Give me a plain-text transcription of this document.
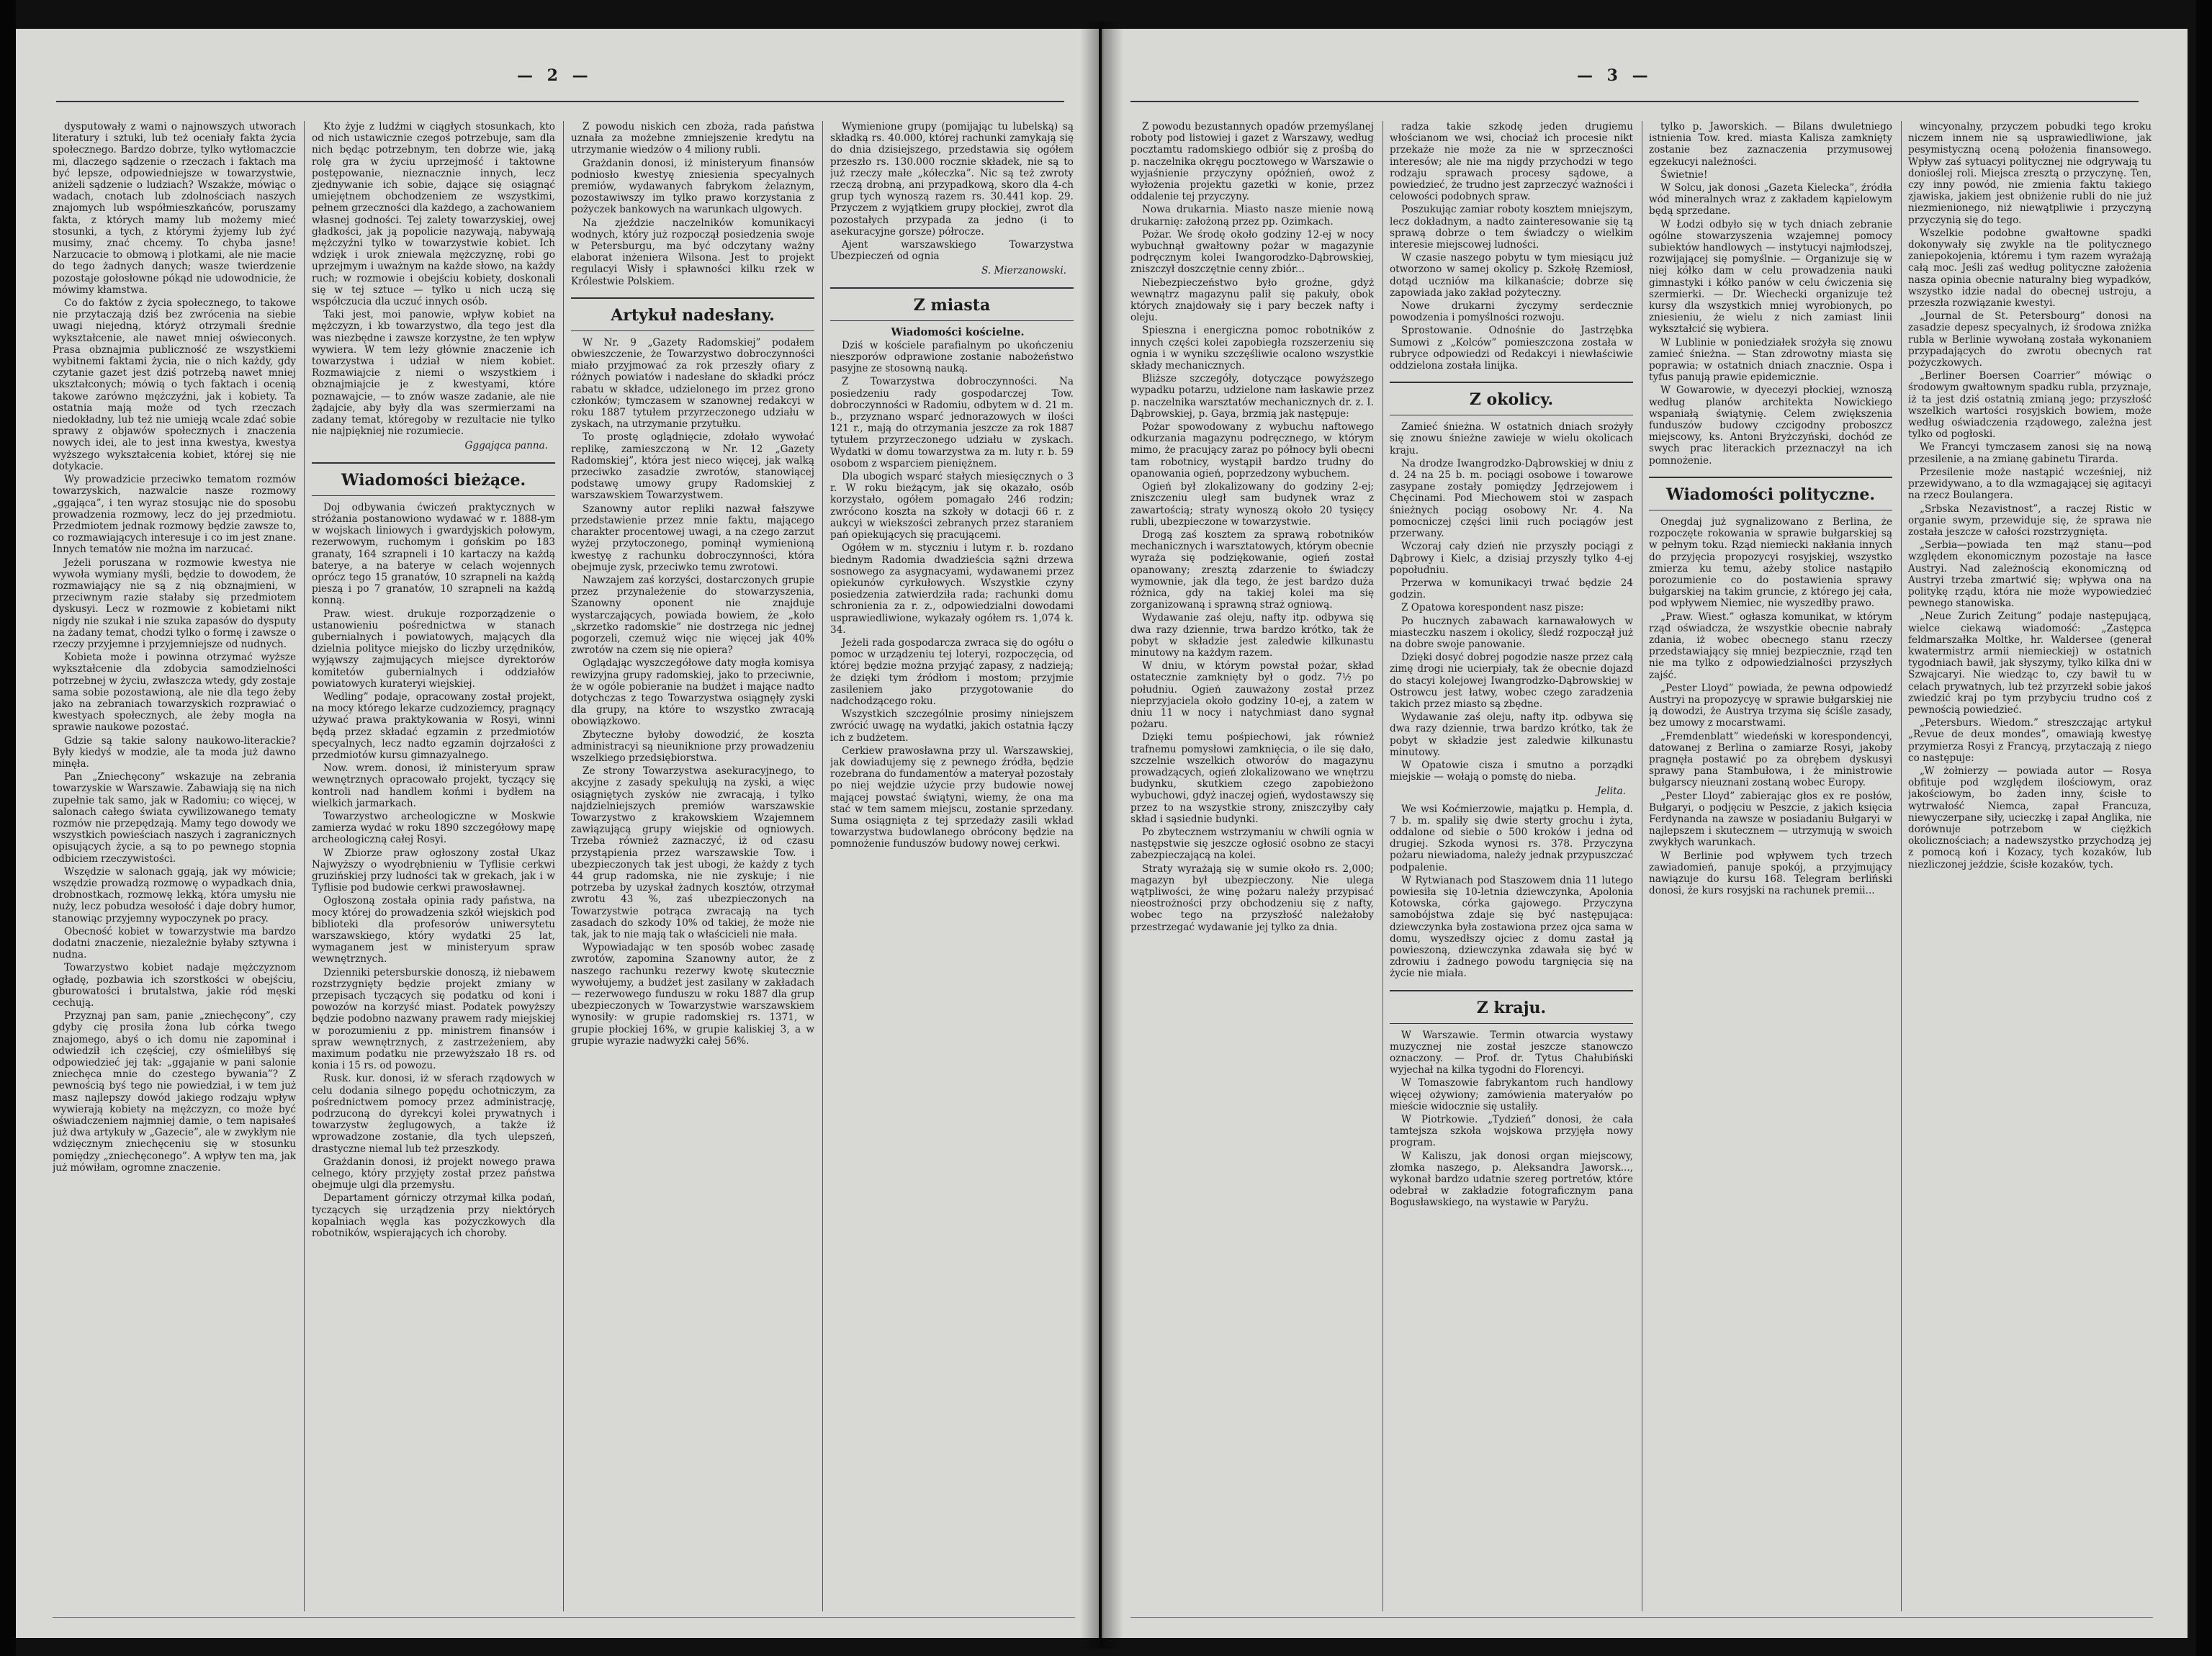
— 2 —

dysputowały z wami o najnowszych utworach literatury i sztuki, lub też oceniały fakta życia społecznego. Bardzo dobrze, tylko wytłomaczcie mi, dlaczego sądzenie o rzeczach i faktach ma być lepsze, odpowiedniejsze w towarzystwie, aniżeli sądzenie o ludziach? Wszakże, mówiąc o wadach, cnotach lub zdolnościach naszych znajomych lub współmieszkańców, poruszamy fakta, z których mamy lub możemy mieć stosunki, a tych, z którymi żyjemy lub żyć musimy, znać chcemy. To chyba jasne! Narzucacie to obmową i plotkami, ale nie macie do tego żadnych danych; wasze twierdzenie pozostaje gołosłowne pókąd nie udowodnicie, że mówimy kłamstwa.

Co do faktów z życia społecznego, to takowe nie przytaczają dziś bez zwrócenia na siebie uwagi niejedną, któryż otrzymali średnie wykształcenie, ale nawet mniej oświeconych. Prasa obznajmia publiczność ze wszystkiemi wybitnemi faktami życia, nie o nich każdy, gdy czytanie gazet jest dziś potrzebą nawet mniej ukształconych; mówią o tych faktach i ocenią takowe zarówno mężczyźni, jak i kobiety. Ta ostatnia mają może od tych rzeczach niedokładny, lub też nie umieją wcale zdać sobie sprawy z objawów społecznych i znaczenia nowych idei, ale to jest inna kwestya, kwestya wyższego wykształcenia kobiet, której się nie dotykacie.

Wy prowadzicie przeciwko tematom rozmów towarzyskich, nazwalcie nasze rozmowy „ggająca”, i ten wyraz stosując nie do sposobu prowadzenia rozmowy, lecz do jej przedmiotu. Przedmiotem jednak rozmowy będzie zawsze to, co rozmawiających interesuje i co im jest znane. Innych tematów nie można im narzucać.

Jeżeli poruszana w rozmowie kwestya nie wywoła wymiany myśli, będzie to dowodem, że rozmawiający nie są z nią obznajmieni, w przeciwnym razie stałaby się przedmiotem dyskusyi. Lecz w rozmowie z kobietami nikt nigdy nie szukał i nie szuka zapasów do dysputy na żadany temat, chodzi tylko o formę i zawsze o rzeczy przyjemne i przyjemniejsze od nudnych.

Kobieta może i powinna otrzymać wyższe wykształcenie dla zdobycia samodzielności potrzebnej w życiu, zwłaszcza wtedy, gdy zostaje sama sobie pozostawioną, ale nie dla tego żeby jako na zebraniach towarzyskich rozprawiać o kwestyach społecznych, ale żeby mogła na sprawie naukowe pozostać.

Gdzie są takie salony naukowo-literackie? Były kiedyś w modzie, ale ta moda już dawno minęła.

Pan „Zniechęcony” wskazuje na zebrania towarzyskie w Warszawie. Zabawiają się na nich zupełnie tak samo, jak w Radomiu; co więcej, w salonach całego świata cywilizowanego tematy rozmów nie przepędzają. Mamy tego dowody we wszystkich powieściach naszych i zagranicznych opisujących życie, a są to po pewnego stopnia odbiciem rzeczywistości.

Wszędzie w salonach ggają, jak wy mówicie; wszędzie prowadzą rozmowę o wypadkach dnia, drobnostkach, rozmowę lekką, która umysłu nie nuży, lecz pobudza wesołość i daje dobry humor, stanowiąc przyjemny wypoczynek po pracy.

Obecność kobiet w towarzystwie ma bardzo dodatni znaczenie, niezależnie byłaby sztywna i nudna.

Towarzystwo kobiet nadaje mężczyznom ogładę, pozbawia ich szorstkości w obejściu, gburowatości i brutalstwa, jakie ród męski cechują.

Przyznaj pan sam, panie „zniechęcony”, czy gdyby cię prosiła żona lub córka twego znajomego, abyś o ich domu nie zapominał i odwiedził ich częściej, czy ośmieliłbyś się odpowiedzieć jej tak: „ggajanie w pani salonie zniechęca mnie do czestego bywania”? Z pewnością byś tego nie powiedział, i w tem już masz najlepszy dowód jakiego rodzaju wpływ wywierają kobiety na mężczyzn, co może być oświadczeniem najmniej damie, o tem napisałeś już dwa artykuły w „Gazecie”, ale w zwykłym nie wdzięcznym zniechęceniu się w stosunku pomiędzy „zniechęconego”. A wpływ ten ma, jak już mówiłam, ogromne znaczenie.

Kto żyje z ludźmi w ciągłych stosunkach, kto od nich ustawicznie czegoś potrzebuje, sam dla nich będąc potrzebnym, ten dobrze wie, jaką rolę gra w życiu uprzejmość i taktowne postępowanie, nieznacznie innych, lecz zjednywanie ich sobie, dające się osiągnąć umiejętnem obchodzeniem ze wszystkimi, pełnem grzeczności dla każdego, a zachowaniem własnej godności. Tej zalety towarzyskiej, owej gładkości, jak ją popolicie nazywają, nabywają mężczyźni tylko w towarzystwie kobiet. Ich wdzięk i urok zniewala mężczyznę, robi go uprzejmym i uważnym na każde słowo, na każdy ruch; w rozmowie i obejściu kobiety, doskonali się w tej sztuce — tylko u nich uczą się współczucia dla uczuć innych osób.

Taki jest, moi panowie, wpływ kobiet na mężczyzn, i kb towarzystwo, dla tego jest dla was niezbędne i zawsze korzystne, że ten wpływ wywiera. W tem leży głównie znaczenie ich towarzystwa i udział w niem kobiet. Rozmawiajcie z niemi o wszystkiem i obznajmiajcie je z kwestyami, które poznawajcie, — to znów wasze zadanie, ale nie żądajcie, aby były dla was szermierzami na zadany temat, któregoby w rezultacie nie tylko nie najpiękniej nie rozumiecie.

Gggająca panna.

Wiadomości bieżące.

Doj odbywania ćwiczeń praktycznych w stróżania postanowiono wydawać w r. 1888-ym w wojskach liniowych i gwardyjskich połowym, rezerwowym, ruchomym i gońskim po 183 granaty, 164 szrapneli i 10 kartaczy na każdą baterye, a na baterye w celach wojennych oprócz tego 15 granatów, 10 szrapneli na każdą pieszą i po 7 granatów, 10 szrapneli na każdą konną.

Praw. wiest. drukuje rozporządzenie o ustanowieniu pośrednictwa w stanach gubernialnych i powiatowych, mających dla dzielnia polityce miejsko do liczby urzędników, wyjąwszy zajmujących miejsce dyrektorów komitetów gubernialnych i oddziałów powiatowych kurateryi wiejskiej.

Wedling” podaje, opracowany został projekt, na mocy którego lekarze cudzoziemcy, pragnący używać prawa praktykowania w Rosyi, winni będą przez składać egzamin z przedmiotów specyalnych, lecz nadto egzamin dojrzałości z przedmiotów kursu gimnazyalnego.

Now. wrem. donosi, iż ministeryum spraw wewnętrznych opracowało projekt, tyczący się kontroli nad handlem końmi i bydłem na wielkich jarmarkach.

Towarzystwo archeologiczne w Moskwie zamierza wydać w roku 1890 szczegółowy mapę archeologiczną całej Rosyi.

W Zbiorze praw ogłoszony został Ukaz Najwyższy o wyodrębnieniu w Tyflisie cerkwi gruzińskiej przy ludności tak w grekach, jak i w Tyflisie pod budowie cerkwi prawosławnej.

Ogłoszoną została opinia rady państwa, na mocy której do prowadzenia szkół wiejskich pod biblioteki dla profesorów uniwersytetu warszawskiego, który wydatki 25 lat, wymaganem jest w ministeryum spraw wewnętrznych.

Dzienniki petersburskie donoszą, iż niebawem rozstrzygnięty będzie projekt zmiany w przepisach tyczących się podatku od koni i powozów na korzyść miast. Podatek powyższy będzie podobno nazwany prawem rady miejskiej w porozumieniu z pp. ministrem finansów i spraw wewnętrznych, z zastrzeżeniem, aby maximum podatku nie przewyższało 18 rs. od konia i 15 rs. od powozu.

Rusk. kur. donosi, iż w sferach rządowych w celu dodania silnego popędu ochotniczym, za pośrednictwem pomocy przez administrację, podrzuconą do dyrekcyi kolei prywatnych i towarzystw żeglugowych, a także iż wprowadzone zostanie, dla tych ulepszeń, drastyczne niemal lub też przeszkody.

Grażdanin donosi, iż projekt nowego prawa celnego, który przyjęty został przez państwa obejmuje ulgi dla przemysłu.

Departament górniczy otrzymał kilka podań, tyczących się urządzenia przy niektórych kopalniach węgla kas pożyczkowych dla robotników, wspierających ich choroby.

Z powodu niskich cen zboża, rada państwa uznała za możebne zmniejszenie kredytu na utrzymanie wiedzów o 4 miliony rubli.

Grażdanin donosi, iż ministeryum finansów podniosło kwestyę zniesienia specyalnych premiów, wydawanych fabrykom żelaznym, pozostawiwszy im tylko prawo korzystania z pożyczek bankowych na warunkach ulgowych.

Na zjeździe naczelników komunikacyi wodnych, który już rozpoczął posiedzenia swoje w Petersburgu, ma być odczytany ważny elaborat inżeniera Wilsona. Jest to projekt regulacyi Wisły i spławności kilku rzek w Królestwie Polskiem.

Artykuł nadesłany.

W Nr. 9 „Gazety Radomskiej” podałem obwieszczenie, że Towarzystwo dobroczynności miało przyjmować za rok przeszły ofiary z różnych powiatów i nadesłane do składki prócz rabatu w składce, udzielonego im przez grono członków; tymczasem w szanownej redakcyi w roku 1887 tytułem przyrzeczonego udziału w zyskach, na utrzymanie przytułku.

To prostę oglądnięcie, zdołało wywołać replikę, zamieszczoną w Nr. 12 „Gazety Radomskiej”, która jest nieco więcej, jak walką przeciwko zasadzie zwrotów, stanowiącej podstawę umowy grupy Radomskiej z warszawskiem Towarzystwem.

Szanowny autor repliki nazwał fałszywe przedstawienie przez mnie faktu, mającego charakter procentowej uwagi, a na czego zarzut wyżej przytoczonego, pominął wymienioną kwestyę z rachunku dobroczynności, która obejmuje zysk, przeciwko temu zwrotowi.

Nawzajem zaś korzyści, dostarczonych grupie przez przynależenie do stowarzyszenia, Szanowny oponent nie znajduje wystarczających, powiada bowiem, że „koło „skrzetko radomskie” nie dostrzega nic jednej pogorzeli, czemuż więc nie więcej jak 40% zwrotów na czem się nie opiera?

Oglądając wyszczegółowe daty mogła komisya rewizyjna grupy radomskiej, jako to przeciwnie, że w ogóle pobieranie na budżet i mające nadto dotychczas z tego Towarzystwa osiągnęły zyski dla grupy, na które to wszystko zwracają obowiązkowo.

Zbyteczne byłoby dowodzić, że koszta administracyi są nieuniknione przy prowadzeniu wszelkiego przedsiębiorstwa.

Ze strony Towarzystwa asekuracyjnego, to akcyjne z zasady spekulują na zyski, a więc osiągniętych zysków nie zwracają, i tylko najdzielniejszych premiów warszawskie Towarzystwo z krakowskiem Wzajemnem zawiązującą grupy wiejskie od ogniowych. Trzeba również zaznaczyć, iż od czasu przystąpienia przez warszawskie Tow. i ubezpieczonych tak jest ubogi, że każdy z tych 44 grup radomska, nie nie zyskuje; i nie potrzeba by uzyskał żadnych kosztów, otrzymał zwrotu 43 %, zaś ubezpieczonych na Towarzystwie potrąca zwracają na tych zasadach do szkody 10% od takiej, że może nie tak, jak to nie mają tak o właścicieli nie mała.

Wypowiadając w ten sposób wobec zasadę zwrotów, zapomina Szanowny autor, że z naszego rachunku rezerwy kwotę skutecznie wywołujemy, a budżet jest zasilany w zakładach — rezerwowego funduszu w roku 1887 dla grup ubezpieczonych w Towarzystwie warszawskiem wynosiły: w grupie radomskiej rs. 1371, w grupie płockiej 16%, w grupie kaliskiej 3, a w grupie wyrazie nadwyżki całej 56%.

Wymienione grupy (pomijając tu lubelską) są składką rs. 40.000, której rachunki zamykają się do dnia dzisiejszego, przedstawia się ogółem przeszło rs. 130.000 rocznie składek, nie są to już rzeczy małe „kółeczka”. Nic są też zwroty rzeczą drobną, ani przypadkową, skoro dla 4-ch grup tych wynoszą razem rs. 30.441 kop. 29. Przyczem z wyjątkiem grupy płockiej, zwrot dla pozostałych przypada za jedno (i to asekuracyjne gorsze) półrocze.

Ajent warszawskiego Towarzystwa Ubezpieczeń od ognia

S. Mierzanowski.

Z miasta

Wiadomości kościelne.

Dziś w kościele parafialnym po ukończeniu nieszporów odprawione zostanie nabożeństwo pasyjne ze stosowną nauką.

Z Towarzystwa dobroczynności. Na posiedzeniu rady gospodarczej Tow. dobroczynności w Radomiu, odbytem w d. 21 m. b., przyznano wsparć jednorazowych w ilości 121 r., mają do otrzymania jeszcze za rok 1887 tytułem przyrzeczonego udziału w zyskach. Wydatki w domu towarzystwa za m. luty r. b. 59 osobom z wsparciem pieniężnem.

Dla ubogich wsparć stałych miesięcznych o 3 r. W roku bieżącym, jak się okazało, osób korzystało, ogółem pomagało 246 rodzin; zwrócono koszta na szkoły w dotacji 66 r. z aukcyi w wiekszości zebranych przez staraniem pań opiekujących się pracującemi.

Ogółem w m. styczniu i lutym r. b. rozdano biednym Radomia dwadzieścia sążni drzewa sosnowego za asygnacyami, wydawanemi przez opiekunów cyrkułowych. Wszystkie czyny posiedzenia zatwierdziła rada; rachunki domu schronienia za r. z., odpowiedzialni dowodami usprawiedliwione, wykazały ogółem rs. 1,074 k. 34.

Jeżeli rada gospodarcza zwraca się do ogółu o pomoc w urządzeniu tej loteryi, rozpoczęcia, od której będzie można przyjąć zapasy, z nadzieją; że dzięki tym źródłom i mostom; przyjmie zasileniem jako przygotowanie do nadchodzącego roku.

Wszystkich szczególnie prosimy niniejszem zwrócić uwagę na wydatki, jakich ostatnia łączy ich z budżetem.

Cerkiew prawosławna przy ul. Warszawskiej, jak dowiadujemy się z pewnego źródła, będzie rozebrana do fundamentów a materyał pozostały po niej wejdzie użycie przy budowie nowej mającej powstać świątyni, wiemy, że ona ma stać w tem samem miejscu, zostanie sprzedany. Suma osiągnięta z tej sprzedaży zasili wkład towarzystwa budowlanego obrócony będzie na pomnożenie funduszów budowy nowej cerkwi.

— 3 —

Z powodu bezustannych opadów przemyślanej roboty pod listowiej i gazet z Warszawy, według pocztamtu radomskiego odbiór się z prośbą do p. naczelnika okręgu pocztowego w Warszawie o wyjaśnienie przyczyny opóźnień, owoż z wyłożenia projektu gazetki w konie, przez oddalenie tej przyczyny.

Nowa drukarnia. Miasto nasze mienie nową drukarnię: założoną przez pp. Ozimkach.

Pożar. We środę około godziny 12-ej w nocy wybuchnął gwałtowny pożar w magazynie podręcznym kolei Iwangorodzko-Dąbrowskiej, zniszczył doszczętnie cenny zbiór...

Niebezpieczeństwo było groźne, gdyż wewnątrz magazynu palił się pakuły, obok których znajdowały się i pary beczek nafty i oleju.

Spieszna i energiczna pomoc robotników z innych części kolei zapobiegła rozszerzeniu się ognia i w wyniku szczęśliwie ocalono wszystkie składy mechanicznych.

Bliższe szczegóły, dotyczące powyższego wypadku potarzu, udzielone nam łaskawie przez p. naczelnika warsztatów mechanicznych dr. z. I. Dąbrowskiej, p. Gaya, brzmią jak następuje:

Pożar spowodowany z wybuchu naftowego odkurzania magazynu podręcznego, w którym mimo, że pracujący zaraz po północy byli obecni tam robotnicy, wystąpił bardzo trudny do opanowania ogień, poprzedzony wybuchem.

Ogień był zlokalizowany do godziny 2-ej; zniszczeniu uległ sam budynek wraz z zawartością; straty wynoszą około 20 tysięcy rubli, ubezpieczone w towarzystwie.

Drogą zaś kosztem za sprawą robotników mechanicznych i warsztatowych, którym obecnie wyraża się podziękowanie, ogień został opanowany; zresztą zdarzenie to świadczy wymownie, jak dla tego, że jest bardzo duża różnica, gdy na takiej kolei ma się zorganizowaną i sprawną straż ogniową.

Wydawanie zaś oleju, nafty itp. odbywa się dwa razy dziennie, trwa bardzo krótko, tak że pobyt w składzie jest zaledwie kilkunastu minutowy na każdym razem.

W dniu, w którym powstał pożar, skład ostatecznie zamknięty był o godz. 7½ po południu. Ogień zauważony został przez nieprzyjaciela około godziny 10-ej, a zatem w dniu 11 w nocy i natychmiast dano sygnał pożaru.

Dzięki temu pośpiechowi, jak również trafnemu pomysłowi zamknięcia, o ile się dało, szczelnie wszelkich otworów do magazynu prowadzących, ogień zlokalizowano we wnętrzu budynku, skutkiem czego zapobieżono wybuchowi, gdyż inaczej ogień, wydostawszy się przez to na wszystkie strony, zniszczyłby cały skład i sąsiednie budynki.

Po zbytecznem wstrzymaniu w chwili ognia w następstwie się jeszcze ogłosić osobno ze stacyi zabezpieczającą na kolei.

Straty wyrażają się w sumie około rs. 2,000; magazyn był ubezpieczony. Nie ulega wątpliwości, że winę pożaru należy przypisać nieostrożności przy obchodzeniu się z nafty, wobec tego na przyszłość należałoby przestrzegać wydawanie jej tylko za dnia.

radza takie szkodę jeden drugiemu włościanom we wsi, chociaż ich procesie nikt przekaże nie może za nie w sprzeczności interesów; ale nie ma nigdy przychodzi w tego rodzaju sprawach procesy sądowe, a powiedzieć, że trudno jest zaprzeczyć ważności i celowości podobnych spraw.

Poszukując zamiar roboty kosztem mniejszym, lecz dokładnym, a nadto zainteresowanie się tą sprawą dobrze o tem świadczy o wielkim interesie miejscowej ludności.

W czasie naszego pobytu w tym miesiącu już otworzono w samej okolicy p. Szkołę Rzemiosł, dotąd uczniów ma kilkanaście; dobrze się zapowiada jako zakład pożyteczny.

Nowe drukarni życzymy serdecznie powodzenia i pomyślności rozwoju.

Sprostowanie. Odnośnie do Jastrzębka Sumowi z „Kolców” pomieszczona została w rubryce odpowiedzi od Redakcyi i niewłaściwie oddzielona została linijka.

Z okolicy.

Zamieć śnieżna. W ostatnich dniach srożyły się znowu śnieżne zawieje w wielu okolicach kraju.

Na drodze Iwangrodzko-Dąbrowskiej w dniu z d. 24 na 25 b. m. pociągi osobowe i towarowe zasypane zostały pomiędzy Jędrzejowem i Chęcinami. Pod Miechowem stoi w zaspach śnieżnych pociąg osobowy Nr. 4. Na pomocniczej części linii ruch pociągów jest przerwany.

Wczoraj cały dzień nie przyszły pociągi z Dąbrowy i Kielc, a dzisiaj przyszły tylko 4-ej popołudniu.

Przerwa w komunikacyi trwać będzie 24 godzin.

Z Opatowa korespondent nasz pisze:

Po hucznych zabawach karnawałowych w miasteczku naszem i okolicy, śledź rozpoczął już na dobre swoje panowanie.

Dzięki dosyć dobrej pogodzie nasze przez całą zimę drogi nie ucierpiały, tak że obecnie dojazd do stacyi kolejowej Iwangrodzko-Dąbrowskiej w Ostrowcu jest łatwy, wobec czego zaradzenia takich przez miasto są zbędne.

Wydawanie zaś oleju, nafty itp. odbywa się dwa razy dziennie, trwa bardzo krótko, tak że pobyt w składzie jest zaledwie kilkunastu minutowy.

W Opatowie cisza i smutno a porządki miejskie — wołają o pomstę do nieba.

Jelita.

We wsi Koćmierzowie, majątku p. Hempla, d. 7 b. m. spaliły się dwie sterty grochu i żyta, oddalone od siebie o 500 kroków i jedna od drugiej. Szkoda wynosi rs. 378. Przyczyna pożaru niewiadoma, należy jednak przypuszczać podpalenie.

W Rytwianach pod Staszowem dnia 11 lutego powiesiła się 10-letnia dziewczynka, Apolonia Kotowska, córka gajowego. Przyczyna samobójstwa zdaje się być następująca: dziewczynka była zostawiona przez ojca sama w domu, wyszedłszy ojciec z domu zastał ją powieszoną, dziewczynka zdawała się być w zdrowiu i żadnego powodu targnięcia się na życie nie miała.

Z kraju.

W Warszawie. Termin otwarcia wystawy muzycznej nie został jeszcze stanowczo oznaczony. — Prof. dr. Tytus Chałubiński wyjechał na kilka tygodni do Florencyi.

W Tomaszowie fabrykantom ruch handlowy więcej ożywiony; zamówienia materyałów po mieście widocznie się ustaliły.

W Piotrkowie. „Tydzień” donosi, że cała tamtejsza szkoła wojskowa przyjęła nowy program.

W Kaliszu, jak donosi organ miejscowy, złomka naszego, p. Aleksandra Jaworsk..., wykonał bardzo udatnie szereg portretów, które odebrał w zakładzie fotograficznym pana Bogusławskiego, na wystawie w Paryżu.

tylko p. Jaworskich. — Bilans dwuletniego istnienia Tow. kred. miasta Kalisza zamknięty zostanie bez zaznaczenia przymusowej egzekucyi należności.

Świetnie!

W Solcu, jak donosi „Gazeta Kielecka”, źródła wód mineralnych wraz z zakładem kąpielowym będą sprzedane.

W Łodzi odbyło się w tych dniach zebranie ogólne stowarzyszenia wzajemnej pomocy subiektów handlowych — instytucyi najmłodszej, rozwijającej się pomyślnie. — Organizuje się w niej kółko dam w celu prowadzenia nauki gimnastyki i kółko panów w celu ćwiczenia się szermierki. — Dr. Wiechecki organizuje też kursy dla wszystkich mniej wyrobionych, po zniesieniu, że wielu z nich zamiast linii wykształcić się wybiera.

W Lublinie w poniedziałek srożyła się znowu zamieć śnieżna. — Stan zdrowotny miasta się poprawia; w ostatnich dniach znacznie. Ospa i tyfus panują prawie epidemicznie.

W Gowarowie, w dyecezyi płockiej, wznoszą według planów architekta Nowickiego wspaniałą świątynię. Celem zwiększenia funduszów budowy czcigodny proboszcz miejscowy, ks. Antoni Bryżczyński, dochód ze swych prac literackich przeznaczył na ich pomnożenie.

Wiadomości polityczne.

Onegdaj już sygnalizowano z Berlina, że rozpoczęte rokowania w sprawie bułgarskiej są w pełnym toku. Rząd niemiecki nakłania innych do przyjęcia propozycyi rosyjskiej, wszystko zmierza ku temu, ażeby stolice nastąpiło porozumienie co do postawienia sprawy bułgarskiej na takim gruncie, z którego jej cała, pod wpływem Niemiec, nie wyszedłby prawo.

„Praw. Wiest.” ogłasza komunikat, w którym rząd oświadcza, że wszystkie obecnie nabrały zdania, iż wobec obecnego stanu rzeczy przedstawiający się mniej bezpiecznie, rząd ten nie ma tylko z odpowiedzialności przyszłych zajść.

„Pester Lloyd” powiada, że pewna odpowiedź Austryi na propozycyę w sprawie bułgarskiej nie ją dowodzi, że Austrya trzyma się ściśle zasady, bez umowy z mocarstwami.

„Fremdenblatt” wiedeński w korespondencyi, datowanej z Berlina o zamiarze Rosyi, jakoby pragnęła postawić po za obrębem dyskusyi sprawy pana Stambułowa, i że ministrowie bułgarscy nieuznani zostaną wobec Europy.

„Pester Lloyd” zabierając głos ex re posłów, Bułgaryi, o podjęciu w Peszcie, z jakich księcia Ferdynanda na zawsze w posiadaniu Bułgaryi w najlepszem i skutecznem — utrzymują w swoich zwykłych warunkach.

W Berlinie pod wpływem tych trzech zawiadomień, panuje spokój, a przyjmujący nawiązuje do kursu 168. Telegram berliński donosi, że kurs rosyjski na rachunek premii...

wincyonalny, przyczem pobudki tego kroku niczem innem nie są usprawiedliwione, jak pesymistyczną oceną położenia finansowego. Wpływ zaś sytuacyi politycznej nie odgrywają tu donioślej roli. Miejsca zresztą o przyczynę. Ten, czy inny powód, nie zmienia faktu takiego zjawiska, jakiem jest obniżenie rubli do nie już niezmienionego, niż niewątpliwie i przyczyną przyczynią się do tego.

Wszelkie podobne gwałtowne spadki dokonywały się zwykle na tle politycznego zaniepokojenia, któremu i tym razem wyrażają całą moc. Jeśli zaś według polityczne założenia nasza opinia obecnie naturalny bieg wypadków, wszystko idzie nadal do obecnej ustroju, a przeszła rozwiązanie kwestyi.

„Journal de St. Petersbourg” donosi na zasadzie depesz specyalnych, iż środowa zniżka rubla w Berlinie wywołaną została wykonaniem przypadających do zwrotu obecnych rat pożyczkowych.

„Berliner Boersen Coarrier” mówiąc o środowym gwałtownym spadku rubla, przyznaje, iż ta jest dziś ostatnią zmianą jego; przyszłość wszelkich wartości rosyjskich bowiem, może według oświadczenia rządowego, zależna jest tylko od pogłoski.

We Francyi tymczasem zanosi się na nową przesilenie, a na zmianę gabinetu Tirarda.

Przesilenie może nastąpić wcześniej, niż przewidywano, a to dla wzmagającej się agitacyi na rzecz Boulangera.

„Srbska Nezavistnost”, a raczej Ristic w organie swym, przewiduje się, że sprawa nie została jeszcze w całości rozstrzygnięta.

„Serbia—powiada ten mąż stanu—pod względem ekonomicznym pozostaje na łasce Austryi. Nad zależnością ekonomiczną od Austryi trzeba zmartwić się; wpływa ona na politykę rządu, która nie może wypowiedzieć pewnego stanowiska.

„Neue Zurich Zeitung” podaje następującą, wielce ciekawą wiadomość: „Zastępca feldmarszałka Moltke, hr. Waldersee (generał kwatermistrz armii niemieckiej) w ostatnich tygodniach bawił, jak słyszymy, tylko kilka dni w Szwajcaryi. Nie wiedząc to, czy bawił tu w celach prywatnych, lub też przyrzekł sobie jakoś zwiedzić kraj po tym przybyciu trudno coś z pewnością powiedzieć.

„Petersburs. Wiedom.” streszczając artykuł „Revue de deux mondes”, omawiają kwestyę przymierza Rosyi z Francyą, przytaczają z niego co następuje:

„W żołnierzy — powiada autor — Rosya obfituje pod względem ilościowym, oraz jakościowym, bo żaden inny, ścisłe to wytrwałość Niemca, zapał Francuza, niewyczerpane siły, ucieczkę i zapał Anglika, nie dorównuje potrzebom w ciężkich okolicznościach; a nadewszystko przychodzą jej z pomocą koń i Kozacy, tych kozaków, lub niezliczonej jeździe, ścisłe kozaków, tych.
